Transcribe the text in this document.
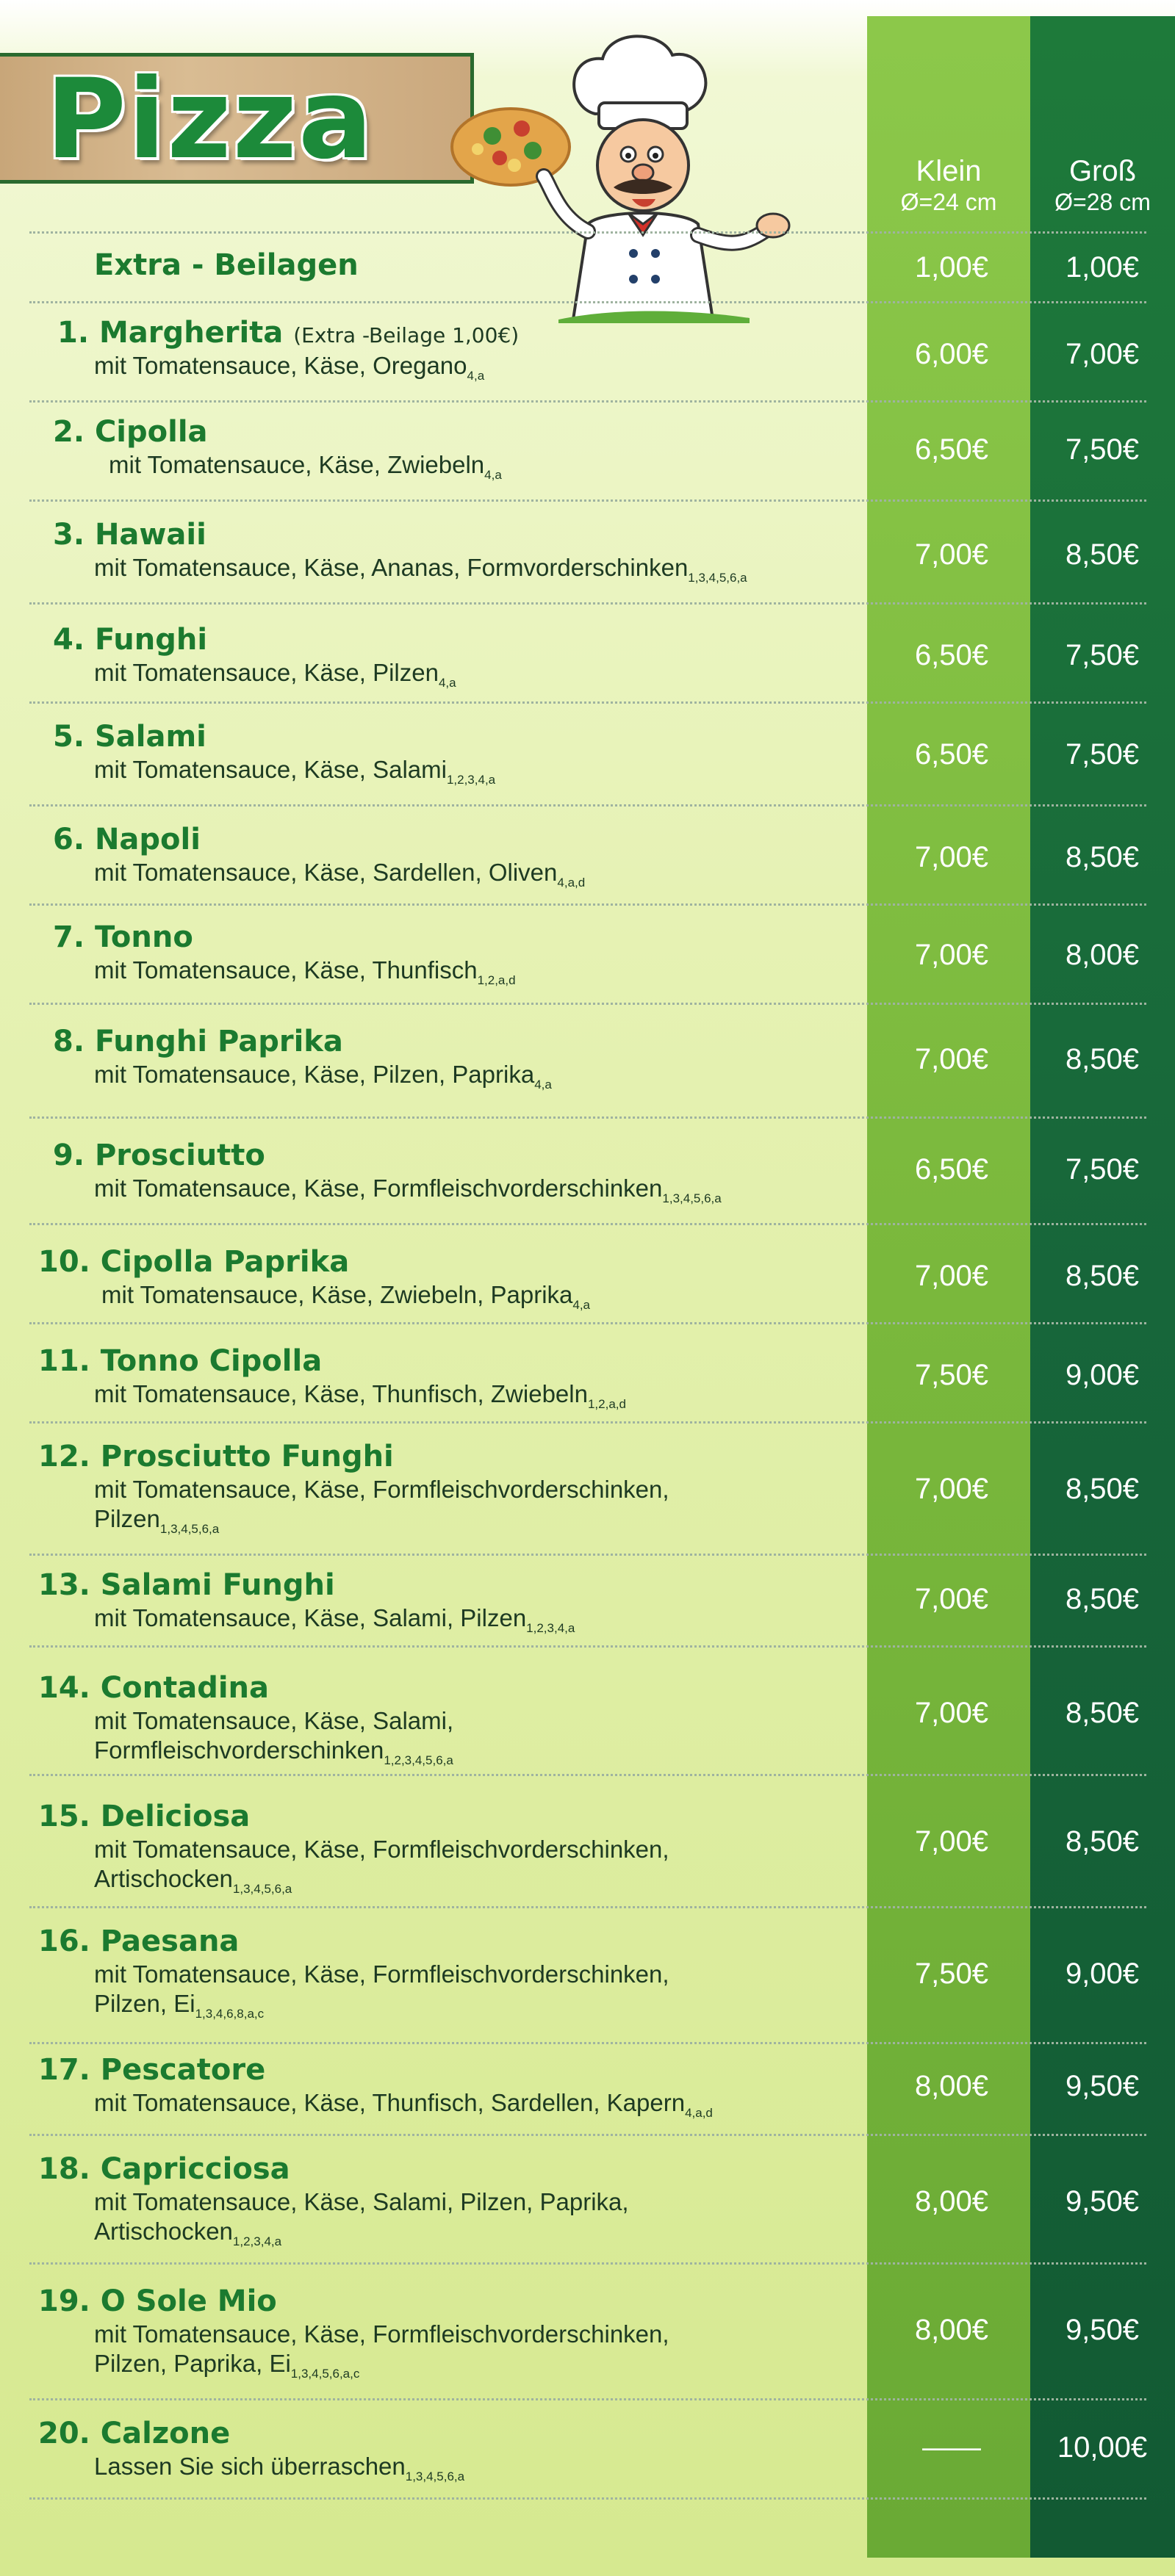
Pizza	Klein
Ø=24 cm
Groß
Ø=28 cm
Extra - Beilagen	1,00€	1,00€
1. Margherita (Extra -Beilage 1,00€)
mit Tomatensauce, Käse, Oregano$_{4,a}$
6,00€	7,00€
2. Cipolla
mit Tomatensauce, Käse, Zwiebeln$_{4,a}$
6,50€	7,50€
3. Hawaii
mit Tomatensauce, Käse, Ananas, Formvorderschinken$_{1,3,4,5,6,a}$
7,00€	8,50€
4. Funghi
mit Tomatensauce, Käse, Pilzen$_{4,a}$
6,50€	7,50€
5. Salami
mit Tomatensauce, Käse, Salami$_{1,2,3,4,a}$
6,50€	7,50€
6. Napoli
mit Tomatensauce, Käse, Sardellen, Oliven$_{4,a,d}$
7,00€	8,50€
7. Tonno
mit Tomatensauce, Käse, Thunfisch$_{1,2,a,d}$
7,00€	8,00€
8. Funghi Paprika
mit Tomatensauce, Käse, Pilzen, Paprika$_{4,a}$
7,00€	8,50€
9. Prosciutto
mit Tomatensauce, Käse, Formfleischvorderschinken$_{1,3,4,5,6,a}$
6,50€	7,50€
10. Cipolla Paprika
mit Tomatensauce, Käse, Zwiebeln, Paprika$_{4,a}$
7,00€	8,50€
11. Tonno Cipolla
mit Tomatensauce, Käse, Thunfisch, Zwiebeln$_{1,2,a,d}$
7,50€	9,00€
12. Prosciutto Funghi
mit Tomatensauce, Käse, Formfleischvorderschinken,
Pilzen$_{1,3,4,5,6,a}$
7,00€	8,50€
13. Salami Funghi
mit Tomatensauce, Käse, Salami, Pilzen$_{1,2,3,4,a}$
7,00€	8,50€
14. Contadina
mit Tomatensauce, Käse, Salami,
Formfleischvorderschinken$_{1,2,3,4,5,6,a}$
7,00€	8,50€
15. Deliciosa
mit Tomatensauce, Käse, Formfleischvorderschinken,
Artischocken$_{1,3,4,5,6,a}$
7,00€	8,50€
16. Paesana
mit Tomatensauce, Käse, Formfleischvorderschinken,
Pilzen, $Ei_{1,3,4,6,8,a,c}$
7,50€	9,00€
17. Pescatore
mit Tomatensauce, Käse, Thunfisch, Sardellen, Kapern$_{4,a,d}$
8,00€	9,50€
18. Capricciosa
mit Tomatensauce, Käse, Salami, Pilzen, Paprika,
Artischocken$_{1,2,3,4,a}$
8,00€	9,50€
19. O Sole Mio
mit Tomatensauce, Käse, Formfleischvorderschinken,
Pilzen, Paprika, $Ei_{1,3,4,5,6,a,c}$
8,00€	9,50€
20. Calzone
Lassen Sie sich überraschen$_{1,3,4,5,6,a}$
——	10,00€
